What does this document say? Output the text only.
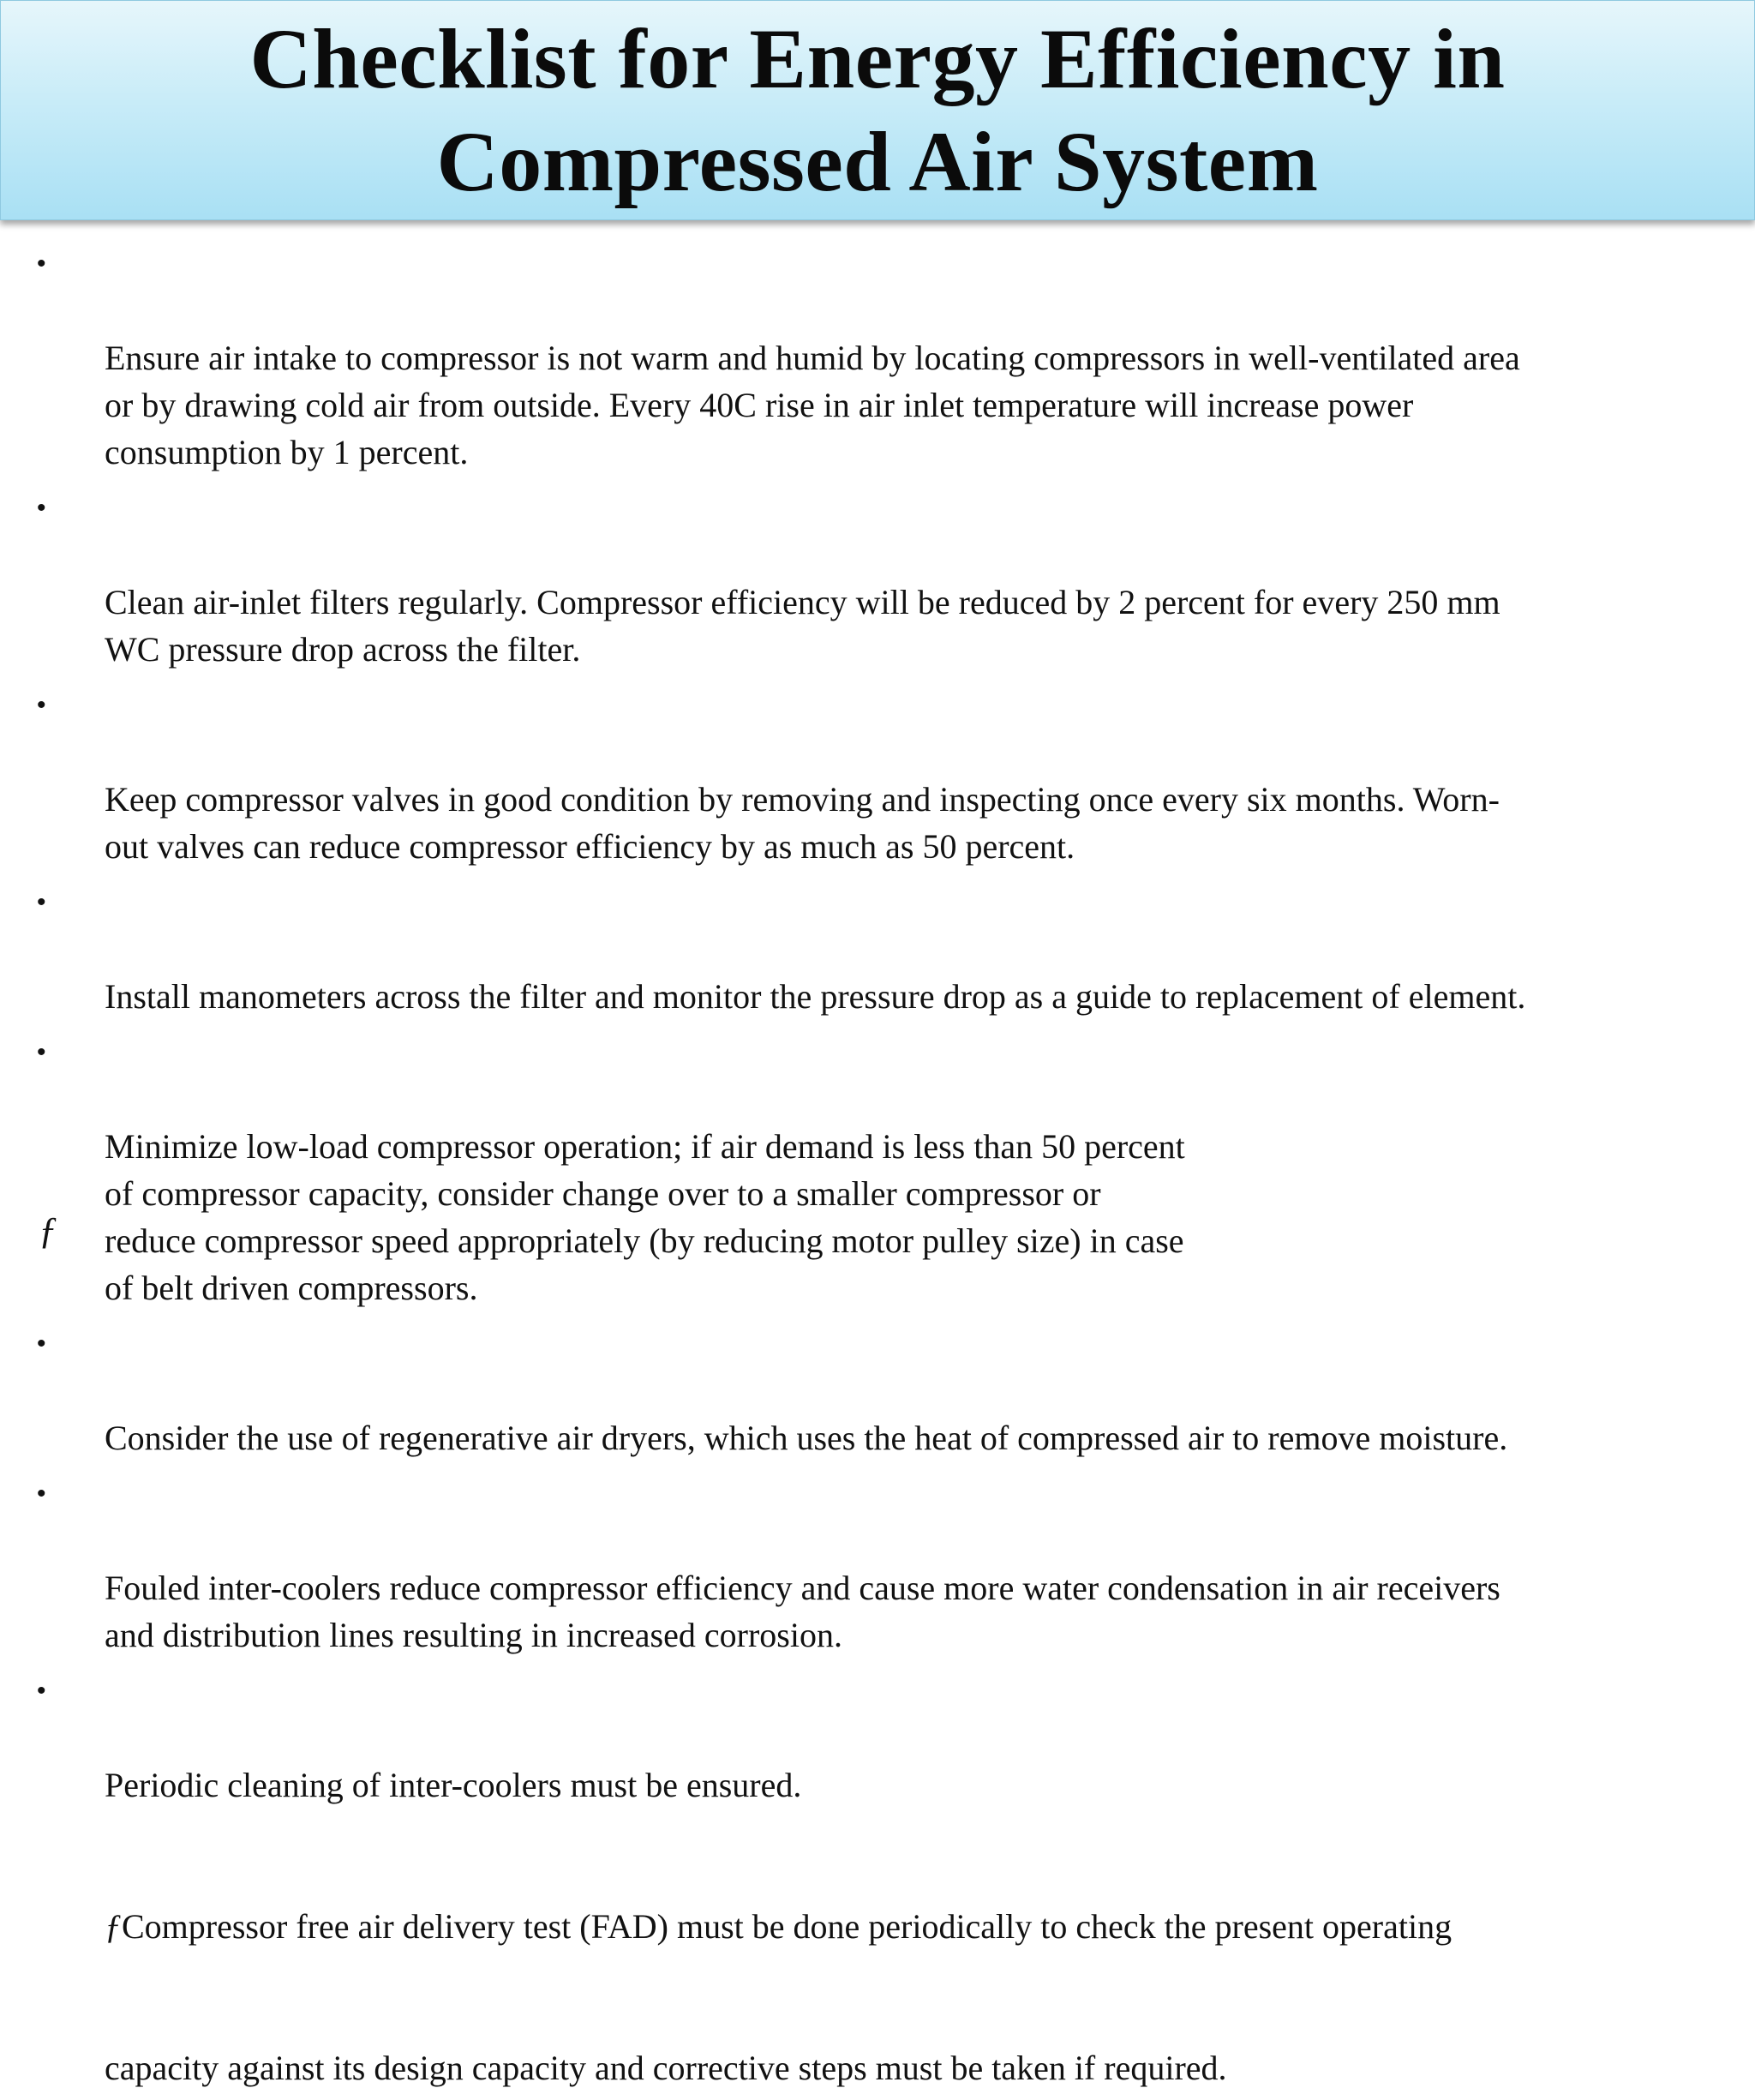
Checklist for Energy Efficiency in
Compressed Air System

•

Ensure air intake to compressor is not warm and humid by locating compressors in well-ventilated area
or by drawing cold air from outside. Every 40C rise in air inlet temperature will increase power
consumption by 1 percent.

•

Clean air-inlet filters regularly. Compressor efficiency will be reduced by 2 percent for every 250 mm
WC pressure drop across the filter.

•

Keep compressor valves in good condition by removing and inspecting once every six months. Worn-
out valves can reduce compressor efficiency by as much as 50 percent.

•

Install manometers across the filter and monitor the pressure drop as a guide to replacement of element.

•

Minimize low-load compressor operation; if air demand is less than 50 percent
of compressor capacity, consider change over to a smaller compressor or
reduce compressor speed appropriately (by reducing motor pulley size) in case
of belt driven compressors.

•

Consider the use of regenerative air dryers, which uses the heat of compressed air to remove moisture.

•

Fouled inter-coolers reduce compressor efficiency and cause more water condensation in air receivers
and distribution lines resulting in increased corrosion.

•

Periodic cleaning of inter-coolers must be ensured.

ƒCompressor free air delivery test (FAD) must be done periodically to check the present operating

capacity against its design capacity and corrective steps must be taken if required.

ƒ
